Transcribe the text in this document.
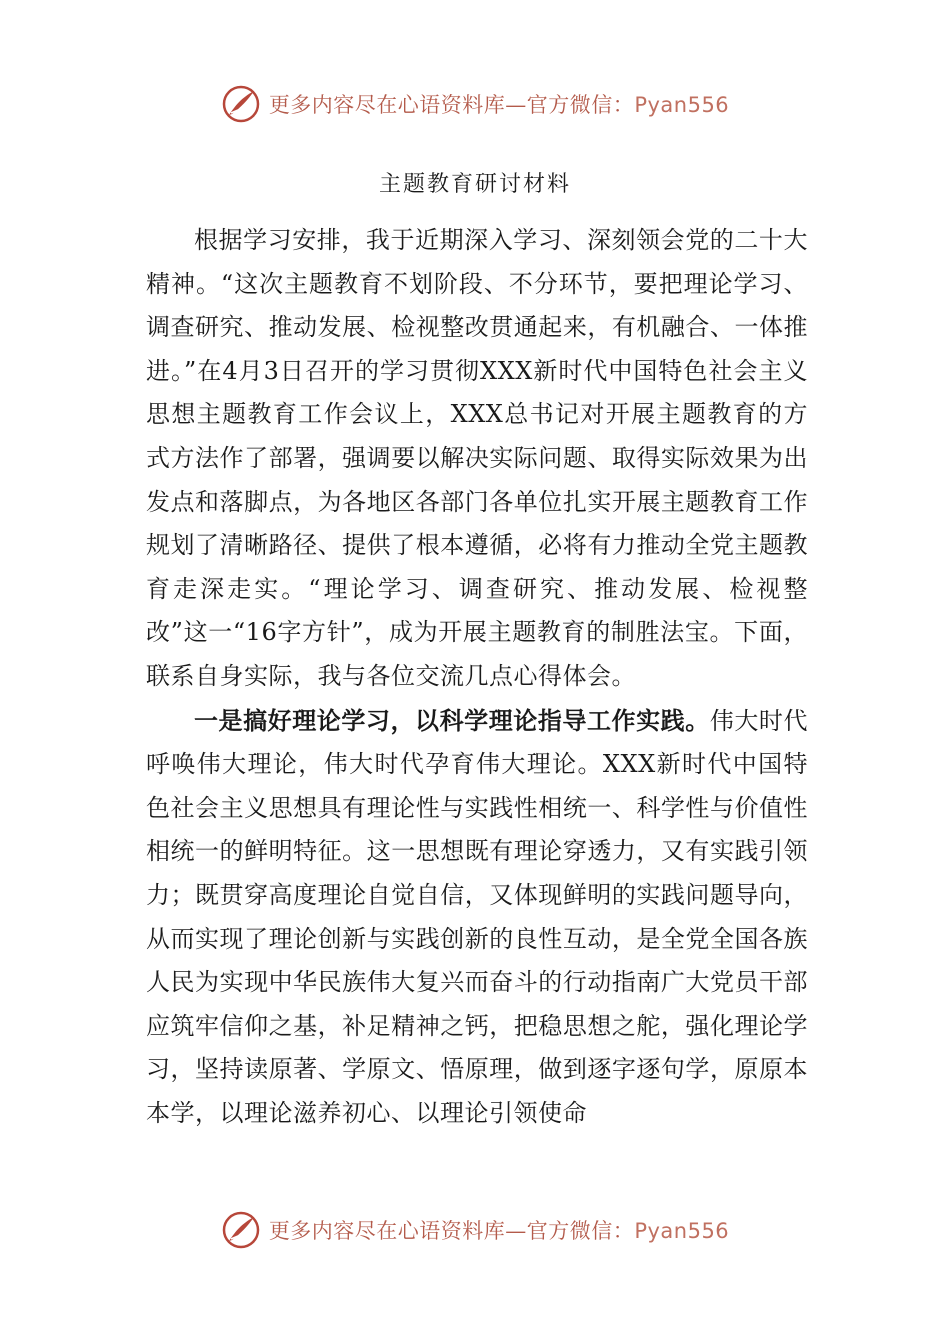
更多内容尽在心语资料库—官方微信：Pyan556
主题教育研讨材料

根据学习安排，我于近期深入学习、深刻领会党的二十大精神。“这次主题教育不划阶段、不分环节，要把理论学习、调查研究、推动发展、检视整改贯通起来，有机融合、一体推进。”在4月3日召开的学习贯彻XXX新时代中国特色社会主义思想主题教育工作会议上，XXX总书记对开展主题教育的方式方法作了部署，强调要以解决实际问题、取得实际效果为出发点和落脚点，为各地区各部门各单位扎实开展主题教育工作规划了清晰路径、提供了根本遵循，必将有力推动全党主题教育走深走实。“理论学习、调查研究、推动发展、检视整改”这一“16字方针”，成为开展主题教育的制胜法宝。下面，联系自身实际，我与各位交流几点心得体会。

一是搞好理论学习，以科学理论指导工作实践。伟大时代呼唤伟大理论，伟大时代孕育伟大理论。XXX新时代中国特色社会主义思想具有理论性与实践性相统一、科学性与价值性相统一的鲜明特征。这一思想既有理论穿透力，又有实践引领力；既贯穿高度理论自觉自信，又体现鲜明的实践问题导向，从而实现了理论创新与实践创新的良性互动，是全党全国各族人民为实现中华民族伟大复兴而奋斗的行动指南广大党员干部应筑牢信仰之基，补足精神之钙，把稳思想之舵，强化理论学习，坚持读原著、学原文、悟原理，做到逐字逐句学，原原本本学，以理论滋养初心、以理论引领使命

更多内容尽在心语资料库—官方微信：Pyan556
